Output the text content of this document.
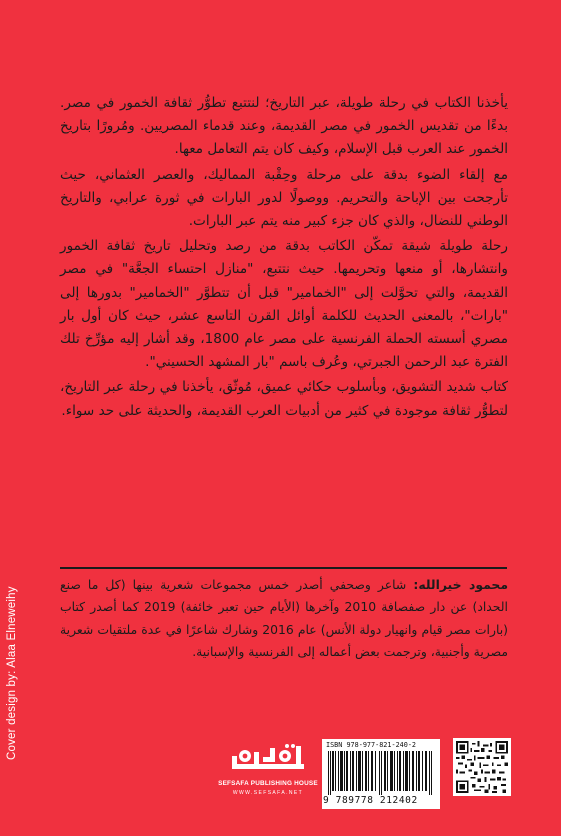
يأخذنا الكتاب في رحلة طويلة، عبر التاريخ؛ لنتتبع تطوُّر ثقافة الخمور في مصر. بدءًا من تقديس الخمور في مصر القديمة، وعند قدماء المصريين. ومُرورًا بتاريخ الخمور عند العرب قبل الإسلام، وكيف كان يتم التعامل معها.

مع إلقاء الضوء بدقة على مرحلة وحِقْبة المماليك، والعصر العثماني، حيث تأرجحت بين الإباحة والتحريم. ووصولًا لدور البارات في ثورة عرابي، والتاريخ الوطني للنضال، والذي كان جزء كبير منه يتم عبر البارات.

رحلة طويلة شيقة تمكّن الكاتب بدقة من رصد وتحليل تاريخ ثقافة الخمور وانتشارها، أو منعها وتحريمها. حيث نتتبع، "منازل احتساء الجعَّة" في مصر القديمة، والتي تحوَّلت إلى "الخمامير" قبل أن تتطوَّر "الخمامير" بدورها إلى "بارات"، بالمعنى الحديث للكلمة أوائل القرن التاسع عشر، حيث كان أول بار مصري أسسته الحملة الفرنسية على مصر عام 1800، وقد أشار إليه مؤرِّخ تلك الفترة عبد الرحمن الجبرتي، وعُرف باسم "بار المشهد الحسيني".

كتاب شديد التشويق، وبأسلوب حكائي عميق، مُوثّق، يأخذنا في رحلة عبر التاريخ، لتطوُّر ثقافة موجودة في كثير من أدبيات العرب القديمة، والحديثة على حد سواء.

محمود خيرالله: شاعر وصحفي أصدر خمس مجموعات شعرية بينها (كل ما صنع الحداد) عن دار صفصافة 2010 وآخرها (الأيام حين تعبر خائفة) 2019 كما أصدر كتاب (بارات مصر قيام وانهيار دولة الأنس) عام 2016 وشارك شاعرًا في عدة ملتقيات شعرية مصرية وأجنبية، وترجمت بعض أعماله إلى الفرنسية والإسبانية.
Cover design by: Alaa Elneweihy	ISBN 978-977-821-240-2
9 789778 212402
SEFSAFA PUBLISHING HOUSE
WWW.SEFSAFA.NET
